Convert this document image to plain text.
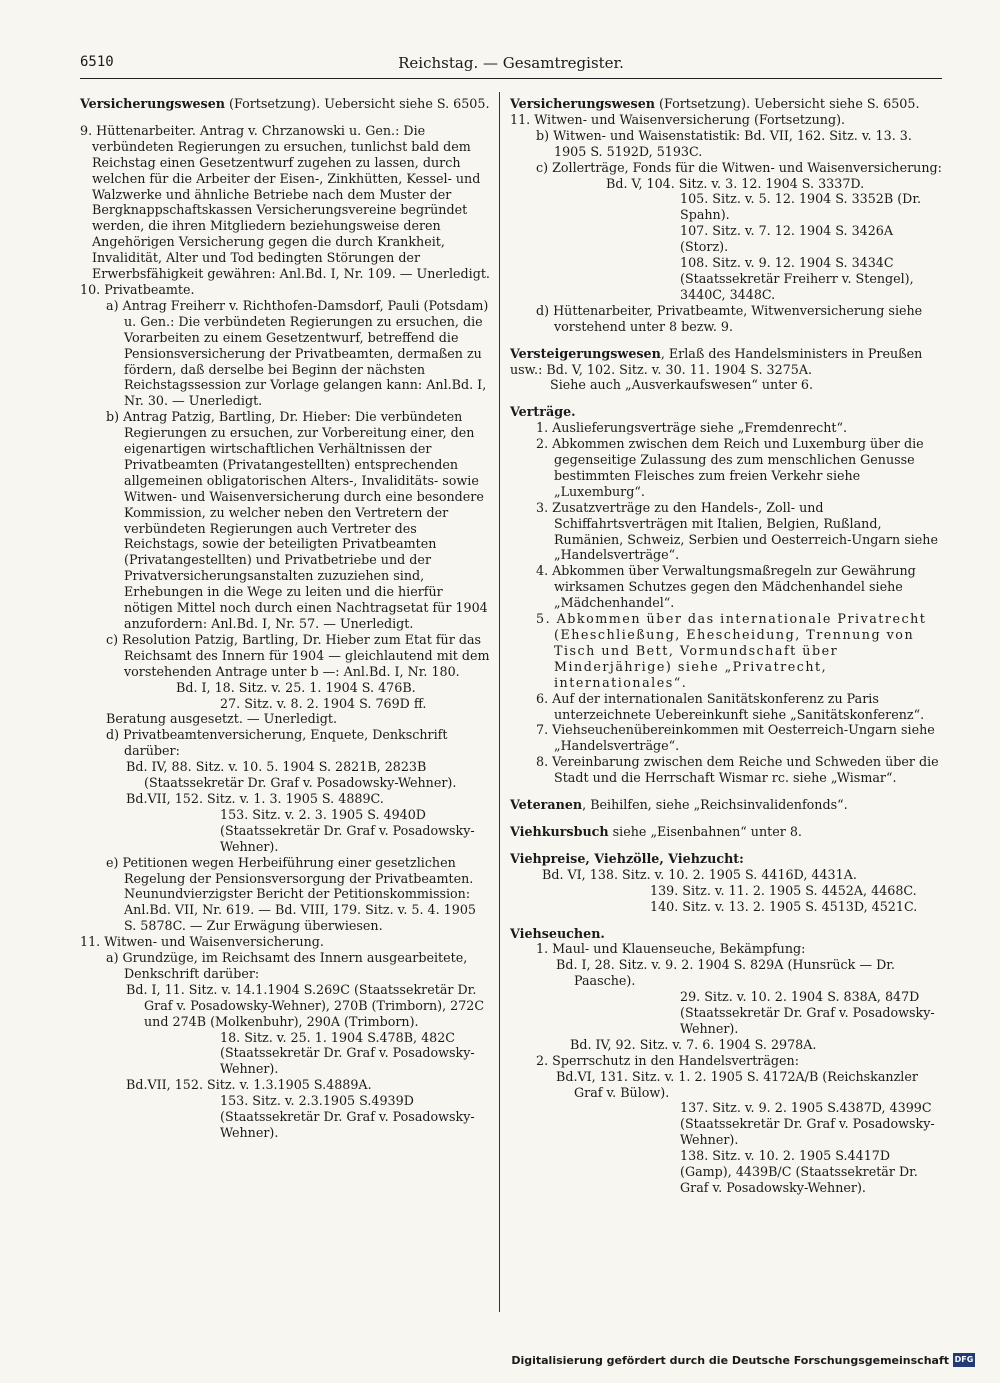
6510	Reichstag. — Gesamtregister.

Versicherungswesen (Fortsetzung). Uebersicht siehe S. 6505.

9. Hüttenarbeiter. Antrag v. Chrzanowski u. Gen.: Die verbündeten Regierungen zu ersuchen, tunlichst bald dem Reichstag einen Gesetzentwurf zugehen zu lassen, durch welchen für die Arbeiter der Eisen-, Zinkhütten, Kessel- und Walzwerke und ähnliche Betriebe nach dem Muster der Bergknappschaftskassen Versicherungsvereine begründet werden, die ihren Mitgliedern beziehungsweise deren Angehörigen Versicherung gegen die durch Krankheit, Invalidität, Alter und Tod bedingten Störungen der Erwerbsfähigkeit gewähren: Anl.Bd. I, Nr. 109. — Unerledigt.

10. Privatbeamte.

a) Antrag Freiherr v. Richthofen-Damsdorf, Pauli (Potsdam) u. Gen.: Die verbündeten Regierungen zu ersuchen, die Vorarbeiten zu einem Gesetzentwurf, betreffend die Pensionsversicherung der Privatbeamten, dermaßen zu fördern, daß derselbe bei Beginn der nächsten Reichstagssession zur Vorlage gelangen kann: Anl.Bd. I, Nr. 30. — Unerledigt.

b) Antrag Patzig, Bartling, Dr. Hieber: Die verbündeten Regierungen zu ersuchen, zur Vorbereitung einer, den eigenartigen wirtschaftlichen Verhältnissen der Privatbeamten (Privatangestellten) entsprechenden allgemeinen obligatorischen Alters-, Invaliditäts- sowie Witwen- und Waisenversicherung durch eine besondere Kommission, zu welcher neben den Vertretern der verbündeten Regierungen auch Vertreter des Reichstags, sowie der beteiligten Privatbeamten (Privatangestellten) und Privatbetriebe und der Privatversicherungsanstalten zuzuziehen sind, Erhebungen in die Wege zu leiten und die hierfür nötigen Mittel noch durch einen Nachtragsetat für 1904 anzufordern: Anl.Bd. I, Nr. 57. — Unerledigt.

c) Resolution Patzig, Bartling, Dr. Hieber zum Etat für das Reichsamt des Innern für 1904 — gleichlautend mit dem vorstehenden Antrage unter b —: Anl.Bd. I, Nr. 180.

Bd. I, 18. Sitz. v. 25. 1. 1904 S. 476B.

27. Sitz. v. 8. 2. 1904 S. 769D ff.

Beratung ausgesetzt. — Unerledigt.

d) Privatbeamtenversicherung, Enquete, Denkschrift darüber:

Bd. IV, 88. Sitz. v. 10. 5. 1904 S. 2821B, 2823B (Staatssekretär Dr. Graf v. Posadowsky-Wehner).

Bd.VII, 152. Sitz. v. 1. 3. 1905 S. 4889C.

153. Sitz. v. 2. 3. 1905 S. 4940D (Staatssekretär Dr. Graf v. Posadowsky-Wehner).

e) Petitionen wegen Herbeiführung einer gesetzlichen Regelung der Pensionsversorgung der Privatbeamten. Neunundvierzigster Bericht der Petitionskommission: Anl.Bd. VII, Nr. 619. — Bd. VIII, 179. Sitz. v. 5. 4. 1905 S. 5878C. — Zur Erwägung überwiesen.

11. Witwen- und Waisenversicherung.

a) Grundzüge, im Reichsamt des Innern ausgearbeitete, Denkschrift darüber:

Bd. I, 11. Sitz. v. 14.1.1904 S.269C (Staatssekretär Dr. Graf v. Posadowsky-Wehner), 270B (Trimborn), 272C und 274B (Molkenbuhr), 290A (Trimborn).

18. Sitz. v. 25. 1. 1904 S.478B, 482C (Staatssekretär Dr. Graf v. Posadowsky-Wehner).

Bd.VII, 152. Sitz. v. 1.3.1905 S.4889A.

153. Sitz. v. 2.3.1905 S.4939D (Staatssekretär Dr. Graf v. Posadowsky-Wehner).

Versicherungswesen (Fortsetzung). Uebersicht siehe S. 6505.

11. Witwen- und Waisenversicherung (Fortsetzung).

b) Witwen- und Waisenstatistik: Bd. VII, 162. Sitz. v. 13. 3. 1905 S. 5192D, 5193C.

c) Zollerträge, Fonds für die Witwen- und Waisenversicherung:

Bd. V, 104. Sitz. v. 3. 12. 1904 S. 3337D.

105. Sitz. v. 5. 12. 1904 S. 3352B (Dr. Spahn).

107. Sitz. v. 7. 12. 1904 S. 3426A (Storz).

108. Sitz. v. 9. 12. 1904 S. 3434C (Staatssekretär Freiherr v. Stengel), 3440C, 3448C.

d) Hüttenarbeiter, Privatbeamte, Witwenversicherung siehe vorstehend unter 8 bezw. 9.

Versteigerungswesen, Erlaß des Handelsministers in Preußen usw.: Bd. V, 102. Sitz. v. 30. 11. 1904 S. 3275A.

Siehe auch „Ausverkaufswesen“ unter 6.

Verträge.

1. Auslieferungsverträge siehe „Fremdenrecht“.

2. Abkommen zwischen dem Reich und Luxemburg über die gegenseitige Zulassung des zum menschlichen Genusse bestimmten Fleisches zum freien Verkehr siehe „Luxemburg“.

3. Zusatzverträge zu den Handels-, Zoll- und Schiffahrtsverträgen mit Italien, Belgien, Rußland, Rumänien, Schweiz, Serbien und Oesterreich-Ungarn siehe „Handelsverträge“.

4. Abkommen über Verwaltungsmaßregeln zur Gewährung wirksamen Schutzes gegen den Mädchenhandel siehe „Mädchenhandel“.

5. Abkommen über das internationale Privatrecht (Eheschließung, Ehescheidung, Trennung von Tisch und Bett, Vormundschaft über Minderjährige) siehe „Privatrecht, internationales“.

6. Auf der internationalen Sanitätskonferenz zu Paris unterzeichnete Uebereinkunft siehe „Sanitätskonferenz“.

7. Viehseuchenübereinkommen mit Oesterreich-Ungarn siehe „Handelsverträge“.

8. Vereinbarung zwischen dem Reiche und Schweden über die Stadt und die Herrschaft Wismar rc. siehe „Wismar“.

Veteranen, Beihilfen, siehe „Reichsinvalidenfonds“.

Viehkursbuch siehe „Eisenbahnen“ unter 8.

Viehpreise, Viehzölle, Viehzucht:

Bd. VI, 138. Sitz. v. 10. 2. 1905 S. 4416D, 4431A.

139. Sitz. v. 11. 2. 1905 S. 4452A, 4468C.

140. Sitz. v. 13. 2. 1905 S. 4513D, 4521C.

Viehseuchen.

1. Maul- und Klauenseuche, Bekämpfung:

Bd. I, 28. Sitz. v. 9. 2. 1904 S. 829A (Hunsrück — Dr. Paasche).

29. Sitz. v. 10. 2. 1904 S. 838A, 847D (Staatssekretär Dr. Graf v. Posadowsky-Wehner).

Bd. IV, 92. Sitz. v. 7. 6. 1904 S. 2978A.

2. Sperrschutz in den Handelsverträgen:

Bd.VI, 131. Sitz. v. 1. 2. 1905 S. 4172A/B (Reichskanzler Graf v. Bülow).

137. Sitz. v. 9. 2. 1905 S.4387D, 4399C (Staatssekretär Dr. Graf v. Posadowsky-Wehner).

138. Sitz. v. 10. 2. 1905 S.4417D (Gamp), 4439B/C (Staatssekretär Dr. Graf v. Posadowsky-Wehner).

Digitalisierung gefördert durch die Deutsche Forschungsgemeinschaft DFG
